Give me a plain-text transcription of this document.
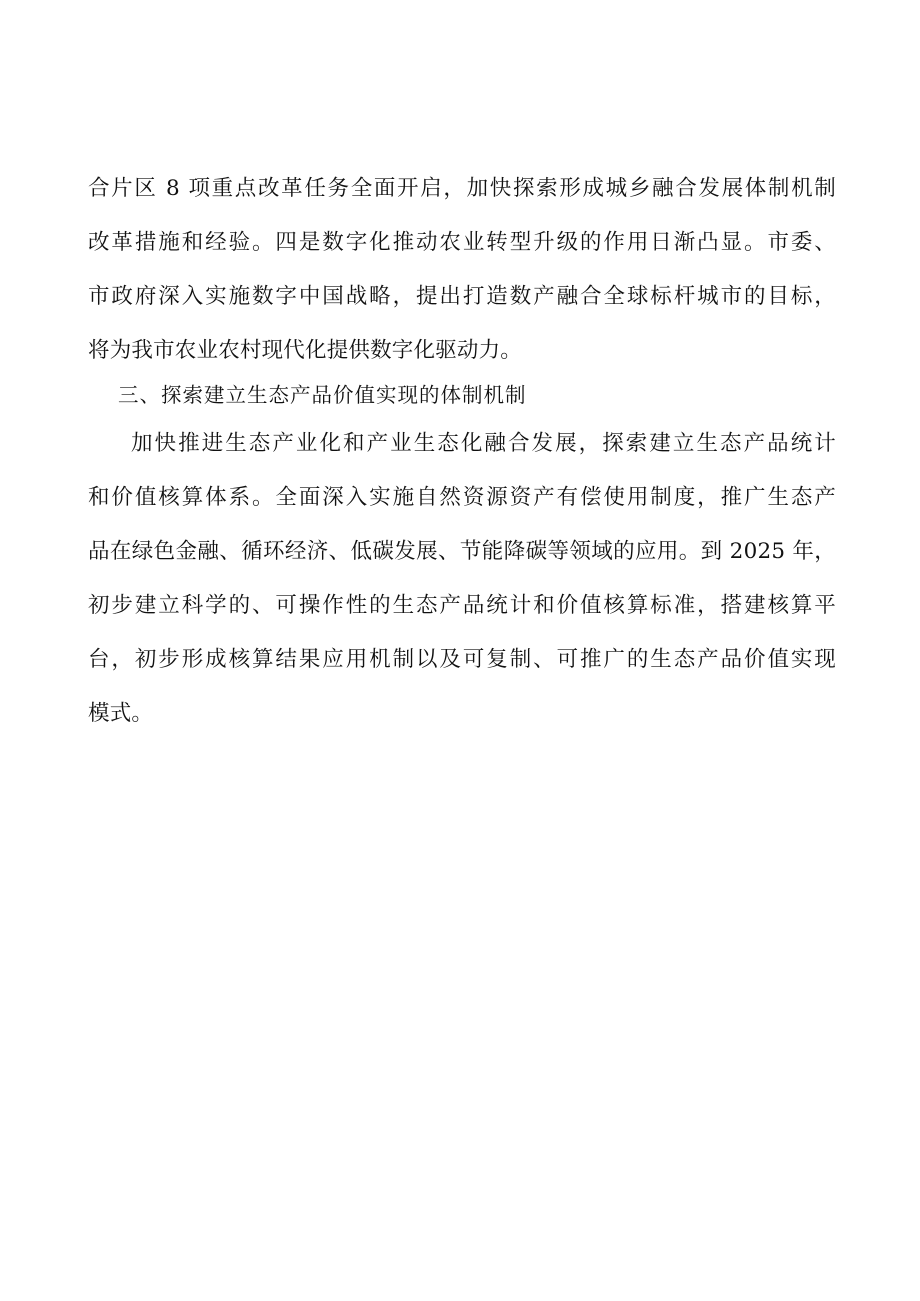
合片区 8 项重点改革任务全面开启，加快探索形成城乡融合发展体制机制
改革措施和经验。四是数字化推动农业转型升级的作用日渐凸显。市委、
市政府深入实施数字中国战略，提出打造数产融合全球标杆城市的目标，
将为我市农业农村现代化提供数字化驱动力。
三、探索建立生态产品价值实现的体制机制
加快推进生态产业化和产业生态化融合发展，探索建立生态产品统计
和价值核算体系。全面深入实施自然资源资产有偿使用制度，推广生态产
品在绿色金融、循环经济、低碳发展、节能降碳等领域的应用。到 2025 年，
初步建立科学的、可操作性的生态产品统计和价值核算标准，搭建核算平
台，初步形成核算结果应用机制以及可复制、可推广的生态产品价值实现
模式。
